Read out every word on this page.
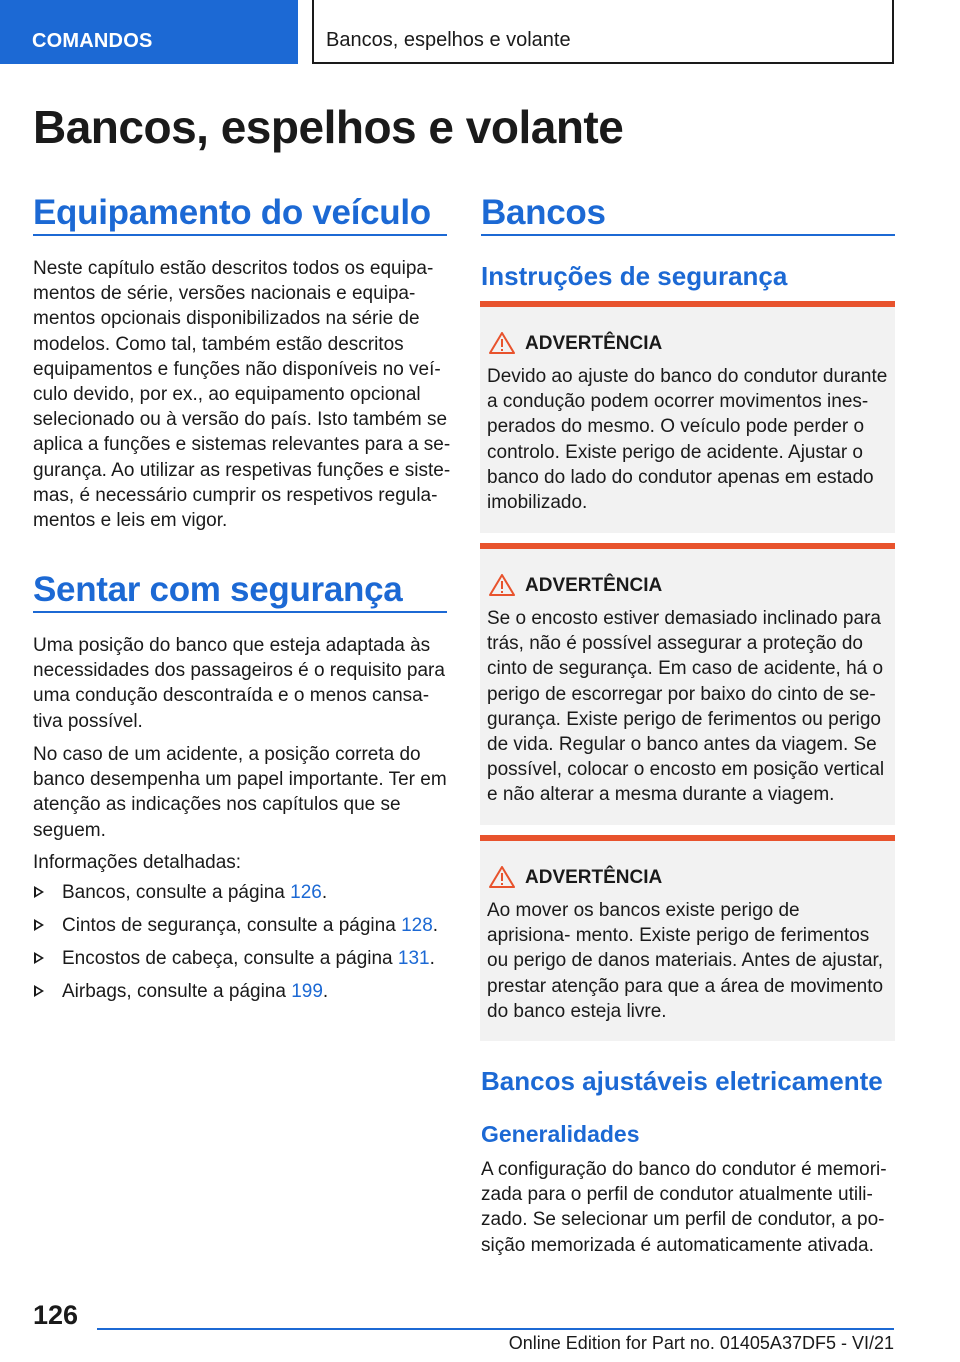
COMANDOS	Bancos, espelhos e volante
Bancos, espelhos e volante
Equipamento do veículo

Neste capítulo estão descritos todos os equipa‐ mentos de série, versões nacionais e equipa‐ mentos opcionais disponibilizados na série de modelos. Como tal, também estão descritos equipamentos e funções não disponíveis no veí‐ culo devido, por ex., ao equipamento opcional selecionado ou à versão do país. Isto também se aplica a funções e sistemas relevantes para a se‐ gurança. Ao utilizar as respetivas funções e siste‐ mas, é necessário cumprir os respetivos regula‐ mentos e leis em vigor.

Sentar com segurança

Uma posição do banco que esteja adaptada às necessidades dos passageiros é o requisito para uma condução descontraída e o menos cansa‐ tiva possível.

No caso de um acidente, a posição correta do banco desempenha um papel importante. Ter em atenção as indicações nos capítulos que se seguem.

Informações detalhadas:

Bancos, consulte a página 126.
Cintos de segurança, consulte a página 128.
Encostos de cabeça, consulte a página 131.
Airbags, consulte a página 199.
Bancos
Instruções de segurança
ADVERTÊNCIA

Devido ao ajuste do banco do condutor durante a condução podem ocorrer movimentos ines‐ perados do mesmo. O veículo pode perder o controlo. Existe perigo de acidente. Ajustar o banco do lado do condutor apenas em estado imobilizado.

ADVERTÊNCIA

Se o encosto estiver demasiado inclinado para trás, não é possível assegurar a proteção do cinto de segurança. Em caso de acidente, há o perigo de escorregar por baixo do cinto de se‐ gurança. Existe perigo de ferimentos ou perigo de vida. Regular o banco antes da viagem. Se possível, colocar o encosto em posição vertical e não alterar a mesma durante a viagem.

ADVERTÊNCIA

Ao mover os bancos existe perigo de aprisiona‐ mento. Existe perigo de ferimentos ou perigo de danos materiais. Antes de ajustar, prestar atenção para que a área de movimento do banco esteja livre.

Bancos ajustáveis eletricamente
Generalidades

A configuração do banco do condutor é memori‐ zada para o perfil de condutor atualmente utili‐ zado. Se selecionar um perfil de condutor, a po‐ sição memorizada é automaticamente ativada.

126
Online Edition for Part no. 01405A37DF5 - VI/21
